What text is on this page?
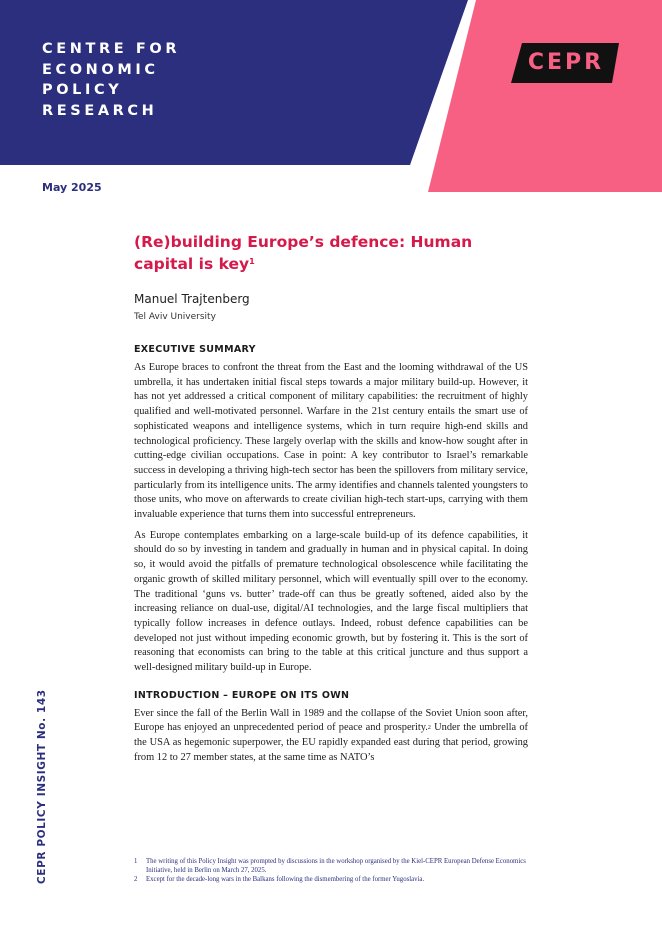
CENTRE FOR
ECONOMIC
POLICY
RESEARCH
CEPR
May 2025
CEPR POLICY INSIGHT No. 143
(Re)building Europe’s defence: Human capital is key$^1$
Manuel Trajtenberg
Tel Aviv University
EXECUTIVE SUMMARY

As Europe braces to confront the threat from the East and the looming withdrawal of the US umbrella, it has undertaken initial fiscal steps towards a major military build-up. However, it has not yet addressed a critical component of military capabilities: the recruitment of highly qualified and well-motivated personnel. Warfare in the 21st century entails the smart use of sophisticated weapons and intelligence systems, which in turn require high-end skills and technological proficiency. These largely overlap with the skills and know-how sought after in cutting-edge civilian occupations. Case in point: A key contributor to Israel’s remarkable success in developing a thriving high-tech sector has been the spillovers from military service, particularly from its intelligence units. The army identifies and channels talented youngsters to those units, who move on afterwards to create civilian high-tech start-ups, carrying with them invaluable experience that turns them into successful entrepreneurs.

As Europe contemplates embarking on a large-scale build-up of its defence capabilities, it should do so by investing in tandem and gradually in human and in physical capital. In doing so, it would avoid the pitfalls of premature technological obsolescence while facilitating the organic growth of skilled military personnel, which will eventually spill over to the economy. The traditional ‘guns vs. butter’ trade-off can thus be greatly softened, aided also by the increasing reliance on dual-use, digital/AI technologies, and the large fiscal multipliers that typically follow increases in defence outlays. Indeed, robust defence capabilities can be developed not just without impeding economic growth, but by fostering it. This is the sort of reasoning that economists can bring to the table at this critical juncture and thus support a well-designed military build-up in Europe.

INTRODUCTION – EUROPE ON ITS OWN

Ever since the fall of the Berlin Wall in 1989 and the collapse of the Soviet Union soon after, Europe has enjoyed an unprecedented period of peace and prosperity.$^2$ Under the umbrella of the USA as hegemonic superpower, the EU rapidly expanded east during that period, growing from 12 to 27 member states, at the same time as NATO’s

1	The writing of this Policy Insight was prompted by discussions in the workshop organised by the Kiel-CEPR European Defense Economics Initiative, held in Berlin on March 27, 2025.
2	Except for the decade-long wars in the Balkans following the dismembering of the former Yugoslavia.
